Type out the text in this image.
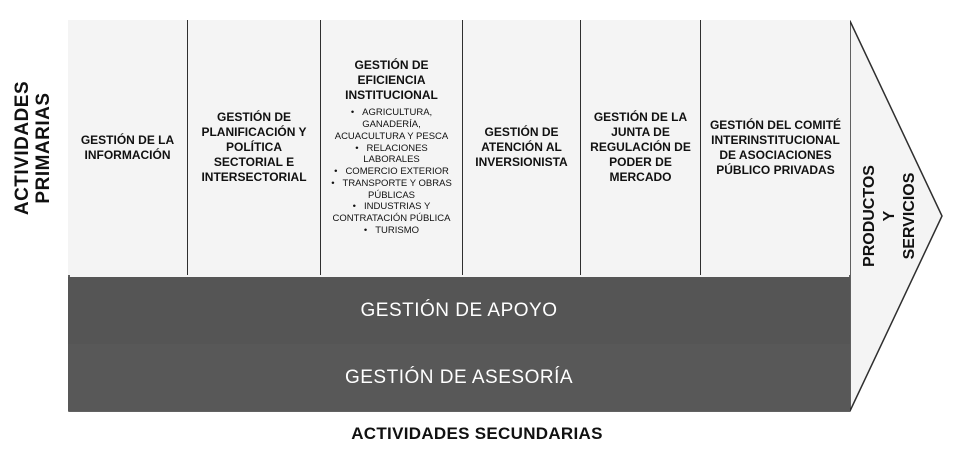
ACTIVIDADES
PRIMARIAS	GESTIÓN DE LA INFORMACIÓN

GESTIÓN DE PLANIFICACIÓN Y POLÍTICA SECTORIAL E INTERSECTORIAL

GESTIÓN DE EFICIENCIA INSTITUCIONAL

• AGRICULTURA, GANADERÍA, ACUACULTURA Y PESCA
• RELACIONES LABORALES
• COMERCIO EXTERIOR
• TRANSPORTE Y OBRAS PÚBLICAS
• INDUSTRIAS Y CONTRATACIÓN PÚBLICA
• TURISMO

GESTIÓN DE ATENCIÓN AL INVERSIONISTA

GESTIÓN DE LA JUNTA DE REGULACIÓN DE PODER DE MERCADO

GESTIÓN DEL COMITÉ INTERINSTITUCIONAL DE ASOCIACIONES PÚBLICO PRIVADAS

GESTIÓN DE APOYO
GESTIÓN DE ASESORÍA
PRODUCTOS Y
SERVICIOS
ACTIVIDADES SECUNDARIAS
